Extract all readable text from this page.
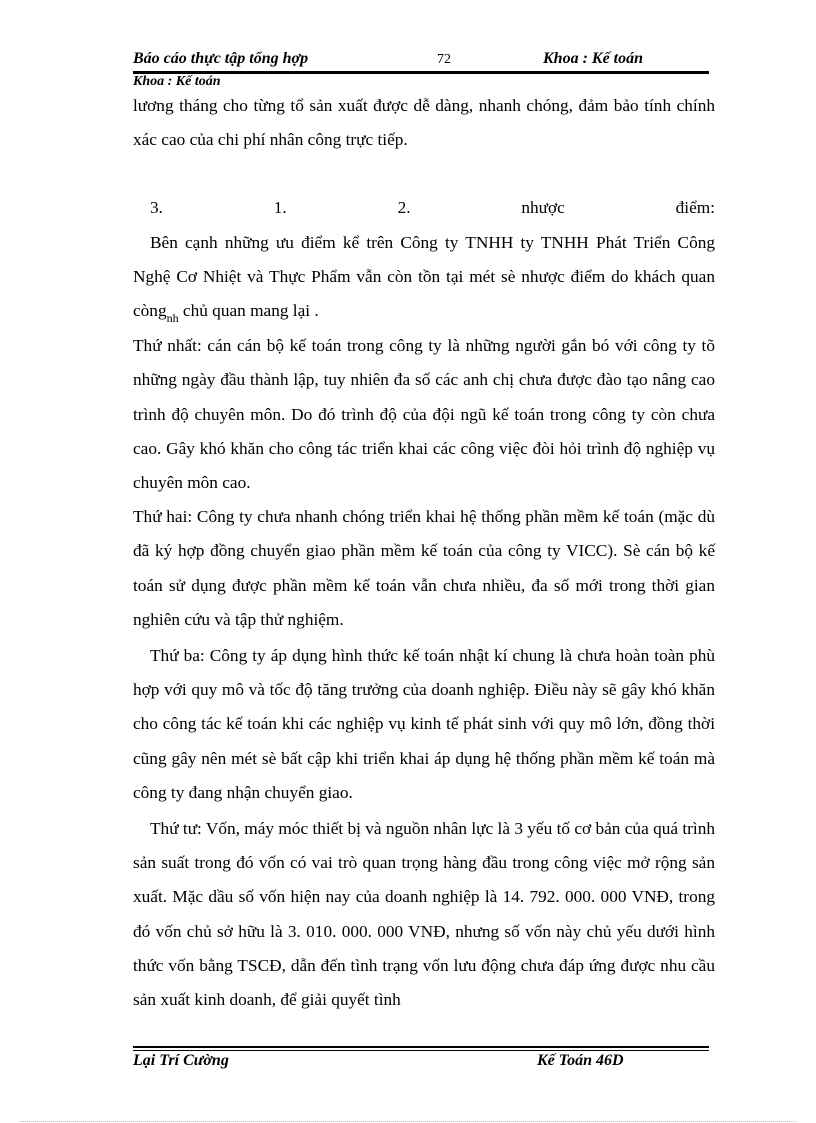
Báo cáo thực tập tổng hợp	72	Khoa : Kế toán
Khoa : Kế toán

lương tháng cho từng tổ sản xuất được dễ dàng, nhanh chóng, đảm bảo tính chính xác cao của chi phí nhân công trực tiếp.

3.	1.	2.	nhược	điểm:

Bên cạnh những ưu điểm kể trên Công ty TNHH ty TNHH Phát Triển Công Nghệ Cơ Nhiệt và Thực Phẩm vẫn còn tồn tại mét sè nhược điểm do khách quan còng$_{nh}$ chủ quan mang lại .

Thứ nhất: cán cán bộ kế toán trong công ty là những người gắn bó với công ty tõ những ngày đầu thành lập, tuy nhiên đa số các anh chị chưa được đào tạo nâng cao trình độ chuyên môn. Do đó trình độ của đội ngũ kế toán trong công ty còn chưa cao. Gây khó khăn cho công tác triển khai các công việc đòi hỏi trình độ nghiệp vụ chuyên môn cao.

Thứ hai: Công ty chưa nhanh chóng triển khai hệ thống phần mềm kế toán (mặc dù đã ký hợp đồng chuyển giao phần mềm kế toán của công ty VICC). Sè cán bộ kế toán sử dụng được phần mềm kế toán vẫn chưa nhiều, đa số mới trong thời gian nghiên cứu và tập thử nghiệm.

Thứ ba: Công ty áp dụng hình thức kế toán nhật kí chung là chưa hoàn toàn phù hợp với quy mô và tốc độ tăng trưởng của doanh nghiệp. Điều này sẽ gây khó khăn cho công tác kế toán khi các nghiệp vụ kinh tế phát sinh với quy mô lớn, đồng thời cũng gây nên mét sè bất cập khi triển khai áp dụng hệ thống phần mềm kế toán mà công ty đang nhận chuyển giao.

Thứ tư: Vốn, máy móc thiết bị và nguồn nhân lực là 3 yếu tố cơ bản của quá trình sản suất trong đó vốn có vai trò quan trọng hàng đầu trong công việc mở rộng sản xuất. Mặc dầu số vốn hiện nay của doanh nghiệp là 14. 792. 000. 000 VNĐ, trong đó vốn chủ sở hữu là 3. 010. 000. 000 VNĐ, nhưng số vốn này chủ yếu dưới hình thức vốn bằng TSCĐ, dẫn đến tình trạng vốn lưu động chưa đáp ứng được nhu cầu sản xuất kinh doanh, để giải quyết tình

Lại Trí Cường	Kế Toán 46D
